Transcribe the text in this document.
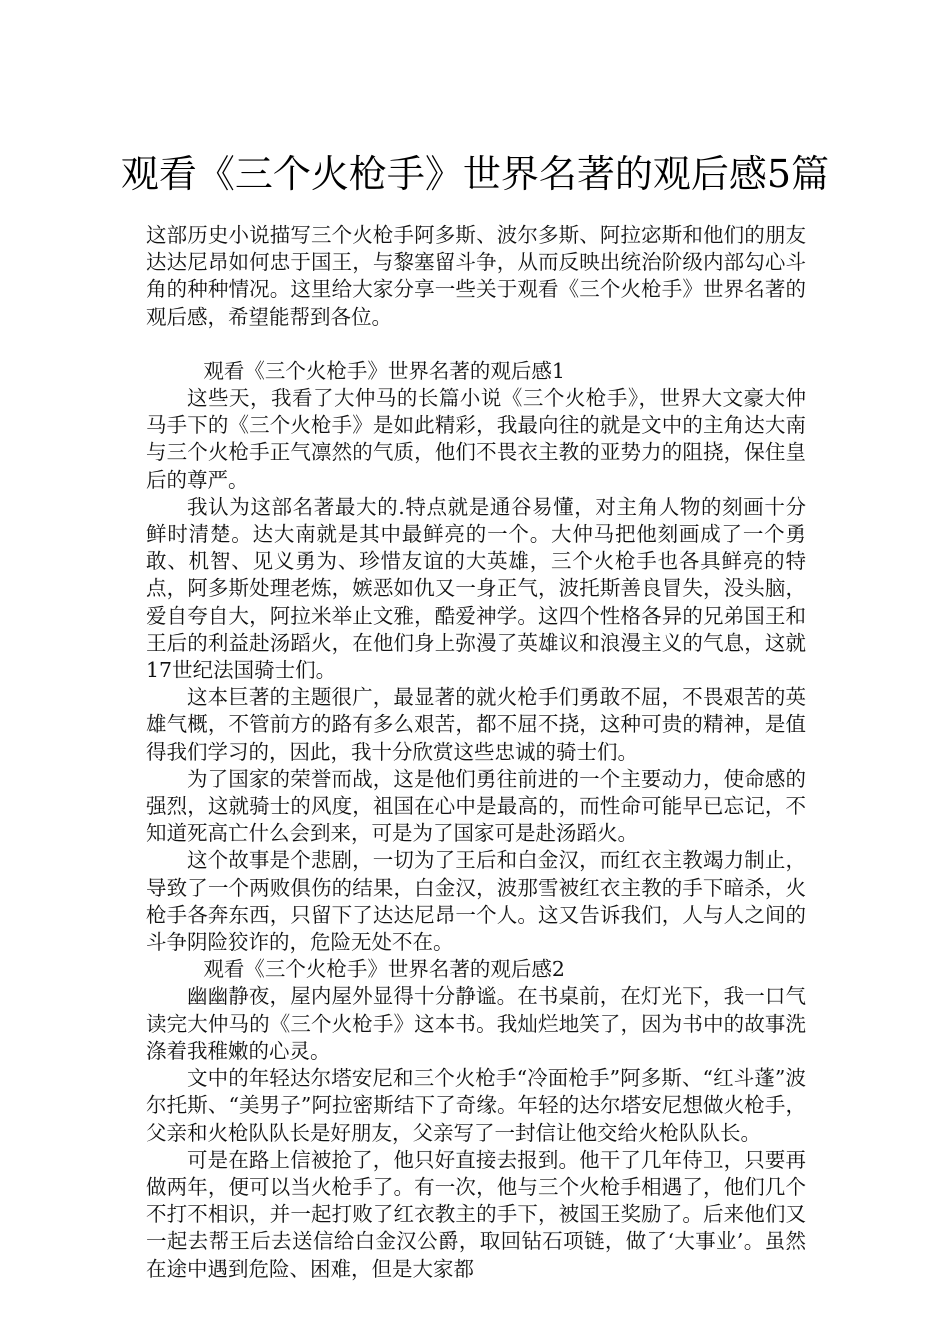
观看《三个火枪手》世界名著的观后感5篇

这部历史小说描写三个火枪手阿多斯、波尔多斯、阿拉宓斯和他们的朋友达达尼昂如何忠于国王，与黎塞留斗争，从而反映出统治阶级内部勾心斗角的种种情况。这里给大家分享一些关于观看《三个火枪手》世界名著的观后感，希望能帮到各位。

观看《三个火枪手》世界名著的观后感1

这些天，我看了大仲马的长篇小说《三个火枪手》，世界大文豪大仲马手下的《三个火枪手》是如此精彩，我最向往的就是文中的主角达大南与三个火枪手正气凛然的气质，他们不畏衣主教的亚势力的阻挠，保住皇后的尊严。

我认为这部名著最大的.特点就是通谷易懂，对主角人物的刻画十分鲜时清楚。达大南就是其中最鲜亮的一个。大仲马把他刻画成了一个勇敢、机智、见义勇为、珍惜友谊的大英雄，三个火枪手也各具鲜亮的特点，阿多斯处理老炼，嫉恶如仇又一身正气，波托斯善良冒失，没头脑，爱自夸自大，阿拉米举止文雅，酷爱神学。这四个性格各异的兄弟国王和王后的利益赴汤蹈火，在他们身上弥漫了英雄议和浪漫主义的气息，这就17世纪法国骑士们。

这本巨著的主题很广，最显著的就火枪手们勇敢不屈，不畏艰苦的英雄气概，不管前方的路有多么艰苦，都不屈不挠，这种可贵的精神，是值得我们学习的，因此，我十分欣赏这些忠诚的骑士们。

为了国家的荣誉而战，这是他们勇往前进的一个主要动力，使命感的强烈，这就骑士的风度，祖国在心中是最高的，而性命可能早已忘记，不知道死高亡什么会到来，可是为了国家可是赴汤蹈火。

这个故事是个悲剧，一切为了王后和白金汉，而红衣主教竭力制止，导致了一个两败俱伤的结果，白金汉，波那雪被红衣主教的手下暗杀，火枪手各奔东西，只留下了达达尼昂一个人。这又告诉我们，人与人之间的斗争阴险狡诈的，危险无处不在。

观看《三个火枪手》世界名著的观后感2

幽幽静夜，屋内屋外显得十分静谧。在书桌前，在灯光下，我一口气读完大仲马的《三个火枪手》这本书。我灿烂地笑了，因为书中的故事洗涤着我稚嫩的心灵。

文中的年轻达尔塔安尼和三个火枪手“冷面枪手”阿多斯、“红斗蓬”波尔托斯、“美男子”阿拉密斯结下了奇缘。年轻的达尔塔安尼想做火枪手，父亲和火枪队队长是好朋友，父亲写了一封信让他交给火枪队队长。

可是在路上信被抢了，他只好直接去报到。他干了几年侍卫，只要再做两年，便可以当火枪手了。有一次，他与三个火枪手相遇了，他们几个不打不相识，并一起打败了红衣教主的手下，被国王奖励了。后来他们又一起去帮王后去送信给白金汉公爵，取回钻石项链，做了‘大事业’。虽然在途中遇到危险、困难，但是大家都
